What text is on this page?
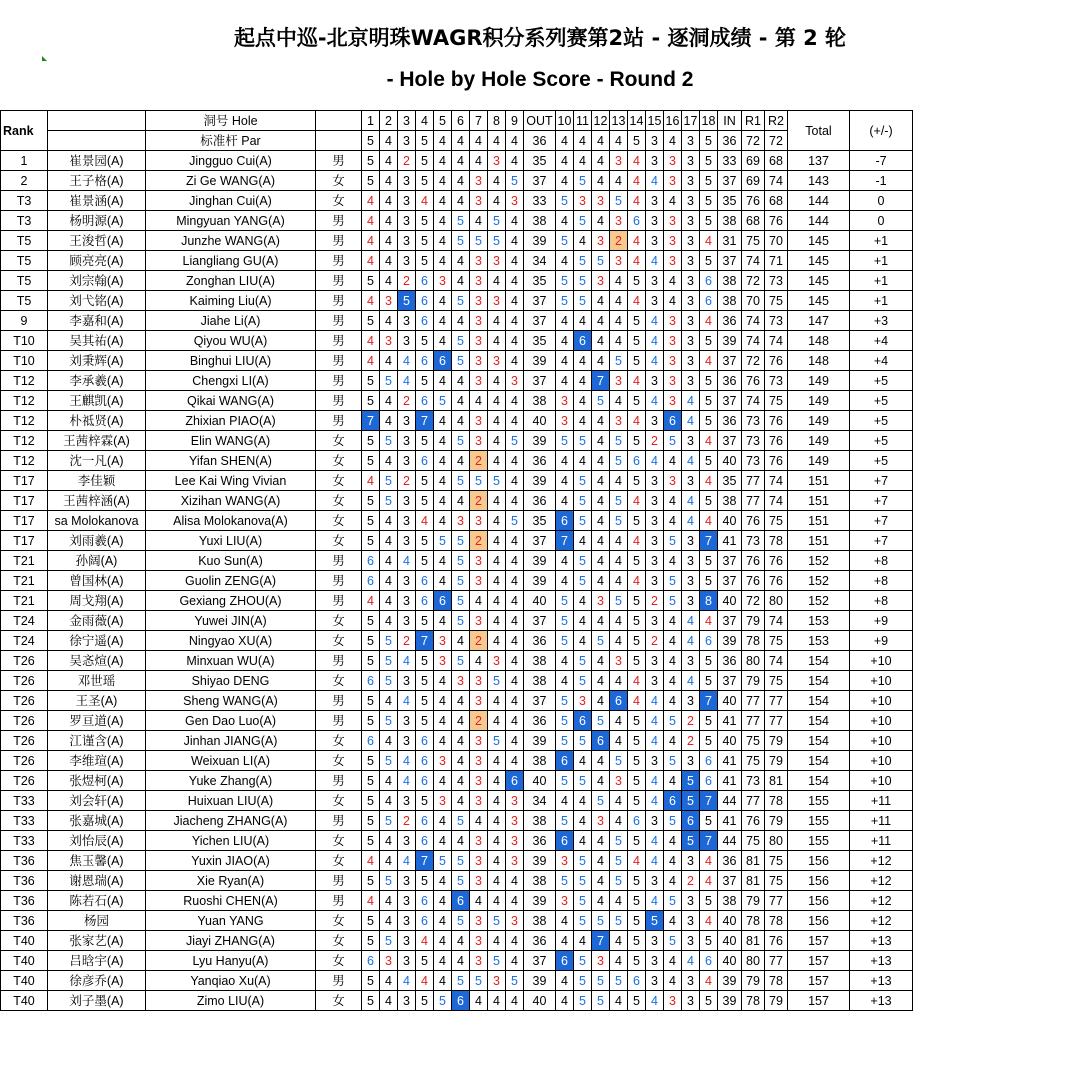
起点中巡-北京明珠WAGR积分系列赛第2站 - 逐洞成绩 - 第 2 轮
- Hole by Hole Score - Round 2
Rank		洞号 Hole		1	2	3	4	5	6	7	8	9	OUT	10	11	12	13	14	15	16	17	18	IN	R1	R2	Total	(+/-)
		标准杆 Par		5	4	3	5	4	4	4	4	4	36	4	4	4	4	5	3	4	3	5	36	72	72		
1	崔景园(A)	Jingguo Cui(A)	男	5	4	2	5	4	4	4	3	4	35	4	4	4	3	4	3	3	3	5	33	69	68	137	-7
2	王子格(A)	Zi Ge WANG(A)	女	5	4	3	5	4	4	3	4	5	37	4	5	4	4	4	4	3	3	5	37	69	74	143	-1
T3	崔景涵(A)	Jinghan Cui(A)	女	4	4	3	4	4	4	3	4	3	33	5	3	3	5	4	3	4	3	5	35	76	68	144	0
T3	杨明源(A)	Mingyuan YANG(A)	男	4	4	3	5	4	5	4	5	4	38	4	5	4	3	6	3	3	3	5	38	68	76	144	0
T5	王浚哲(A)	Junzhe WANG(A)	男	4	4	3	5	4	5	5	5	4	39	5	4	3	2	4	3	3	3	4	31	75	70	145	+1
T5	顾亮亮(A)	Liangliang GU(A)	男	4	4	3	5	4	4	3	3	4	34	4	5	5	3	4	4	3	3	5	37	74	71	145	+1
T5	刘宗翰(A)	Zonghan LIU(A)	男	5	4	2	6	3	4	3	4	4	35	5	5	3	4	5	3	4	3	6	38	72	73	145	+1
T5	刘弋铭(A)	Kaiming Liu(A)	男	4	3	5	6	4	5	3	3	4	37	5	5	4	4	4	3	4	3	6	38	70	75	145	+1
9	李嘉和(A)	Jiahe Li(A)	男	5	4	3	6	4	4	3	4	4	37	4	4	4	4	5	4	3	3	4	36	74	73	147	+3
T10	吴其祐(A)	Qiyou WU(A)	男	4	3	3	5	4	5	3	4	4	35	4	6	4	4	5	4	3	3	5	39	74	74	148	+4
T10	刘秉辉(A)	Binghui LIU(A)	男	4	4	4	6	6	5	3	3	4	39	4	4	4	5	5	4	3	3	4	37	72	76	148	+4
T12	李承羲(A)	Chengxi LI(A)	男	5	5	4	5	4	4	3	4	3	37	4	4	7	3	4	3	3	3	5	36	76	73	149	+5
T12	王麒凯(A)	Qikai WANG(A)	男	5	4	2	6	5	4	4	4	4	38	3	4	5	4	5	4	3	4	5	37	74	75	149	+5
T12	朴祗贤(A)	Zhixian PIAO(A)	男	7	4	3	7	4	4	3	4	4	40	3	4	4	3	4	3	6	4	5	36	73	76	149	+5
T12	王茜梓霖(A)	Elin WANG(A)	女	5	5	3	5	4	5	3	4	5	39	5	5	4	5	5	2	5	3	4	37	73	76	149	+5
T12	沈一凡(A)	Yifan SHEN(A)	女	5	4	3	6	4	4	2	4	4	36	4	4	4	5	6	4	4	4	5	40	73	76	149	+5
T17	李佳颖	Lee Kai Wing Vivian	女	4	5	2	5	4	5	5	5	4	39	4	5	4	4	5	3	3	3	4	35	77	74	151	+7
T17	王茜梓涵(A)	Xizihan WANG(A)	女	5	5	3	5	4	4	2	4	4	36	4	5	4	5	4	3	4	4	5	38	77	74	151	+7
T17	sa Molokanova	Alisa Molokanova(A)	女	5	4	3	4	4	3	3	4	5	35	6	5	4	5	5	3	4	4	4	40	76	75	151	+7
T17	刘雨羲(A)	Yuxi LIU(A)	女	5	4	3	5	5	5	2	4	4	37	7	4	4	4	4	3	5	3	7	41	73	78	151	+7
T21	孙阔(A)	Kuo Sun(A)	男	6	4	4	5	4	5	3	4	4	39	4	5	4	4	5	3	4	3	5	37	76	76	152	+8
T21	曾国林(A)	Guolin ZENG(A)	男	6	4	3	6	4	5	3	4	4	39	4	5	4	4	4	3	5	3	5	37	76	76	152	+8
T21	周戈翔(A)	Gexiang ZHOU(A)	男	4	4	3	6	6	5	4	4	4	40	5	4	3	5	5	2	5	3	8	40	72	80	152	+8
T24	金雨薇(A)	Yuwei JIN(A)	女	5	4	3	5	4	5	3	4	4	37	5	4	4	4	5	3	4	4	4	37	79	74	153	+9
T24	徐宁遥(A)	Ningyao XU(A)	女	5	5	2	7	3	4	2	4	4	36	5	4	5	4	5	2	4	4	6	39	78	75	153	+9
T26	吴忞煊(A)	Minxuan WU(A)	男	5	5	4	5	3	5	4	3	4	38	4	5	4	3	5	3	4	3	5	36	80	74	154	+10
T26	邓世瑶	Shiyao DENG	女	6	5	3	5	4	3	3	5	4	38	4	5	4	4	4	3	4	4	5	37	79	75	154	+10
T26	王圣(A)	Sheng WANG(A)	男	5	4	4	5	4	4	3	4	4	37	5	3	4	6	4	4	4	3	7	40	77	77	154	+10
T26	罗亘道(A)	Gen Dao Luo(A)	男	5	5	3	5	4	4	2	4	4	36	5	6	5	4	5	4	5	2	5	41	77	77	154	+10
T26	江谨含(A)	Jinhan JIANG(A)	女	6	4	3	6	4	4	3	5	4	39	5	5	6	4	5	4	4	2	5	40	75	79	154	+10
T26	李维瑄(A)	Weixuan LI(A)	女	5	5	4	6	3	4	3	4	4	38	6	4	4	5	5	3	5	3	6	41	75	79	154	+10
T26	张煜柯(A)	Yuke Zhang(A)	男	5	4	4	6	4	4	3	4	6	40	5	5	4	3	5	4	4	5	6	41	73	81	154	+10
T33	刘会轩(A)	Huixuan LIU(A)	女	5	4	3	5	3	4	3	4	3	34	4	4	5	4	5	4	6	5	7	44	77	78	155	+11
T33	张嘉城(A)	Jiacheng ZHANG(A)	男	5	5	2	6	4	5	4	4	3	38	5	4	3	4	6	3	5	6	5	41	76	79	155	+11
T33	刘怡辰(A)	Yichen LIU(A)	女	5	4	3	6	4	4	3	4	3	36	6	4	4	5	5	4	4	5	7	44	75	80	155	+11
T36	焦玉馨(A)	Yuxin JIAO(A)	女	4	4	4	7	5	5	3	4	3	39	3	5	4	5	4	4	4	3	4	36	81	75	156	+12
T36	谢恩瑞(A)	Xie Ryan(A)	男	5	5	3	5	4	5	3	4	4	38	5	5	4	5	5	3	4	2	4	37	81	75	156	+12
T36	陈若石(A)	Ruoshi CHEN(A)	男	4	4	3	6	4	6	4	4	4	39	3	5	4	4	5	4	5	3	5	38	79	77	156	+12
T36	杨园	Yuan YANG	女	5	4	3	6	4	5	3	5	3	38	4	5	5	5	5	5	4	3	4	40	78	78	156	+12
T40	张家艺(A)	Jiayi ZHANG(A)	女	5	5	3	4	4	4	3	4	4	36	4	4	7	4	5	3	5	3	5	40	81	76	157	+13
T40	吕晗宇(A)	Lyu Hanyu(A)	女	6	3	3	5	4	4	3	5	4	37	6	5	3	4	5	3	4	4	6	40	80	77	157	+13
T40	徐彦乔(A)	Yanqiao Xu(A)	男	5	4	4	4	4	5	5	3	5	39	4	5	5	5	6	3	4	3	4	39	79	78	157	+13
T40	刘子墨(A)	Zimo LIU(A)	女	5	4	3	5	5	6	4	4	4	40	4	5	5	4	5	4	3	3	5	39	78	79	157	+13
